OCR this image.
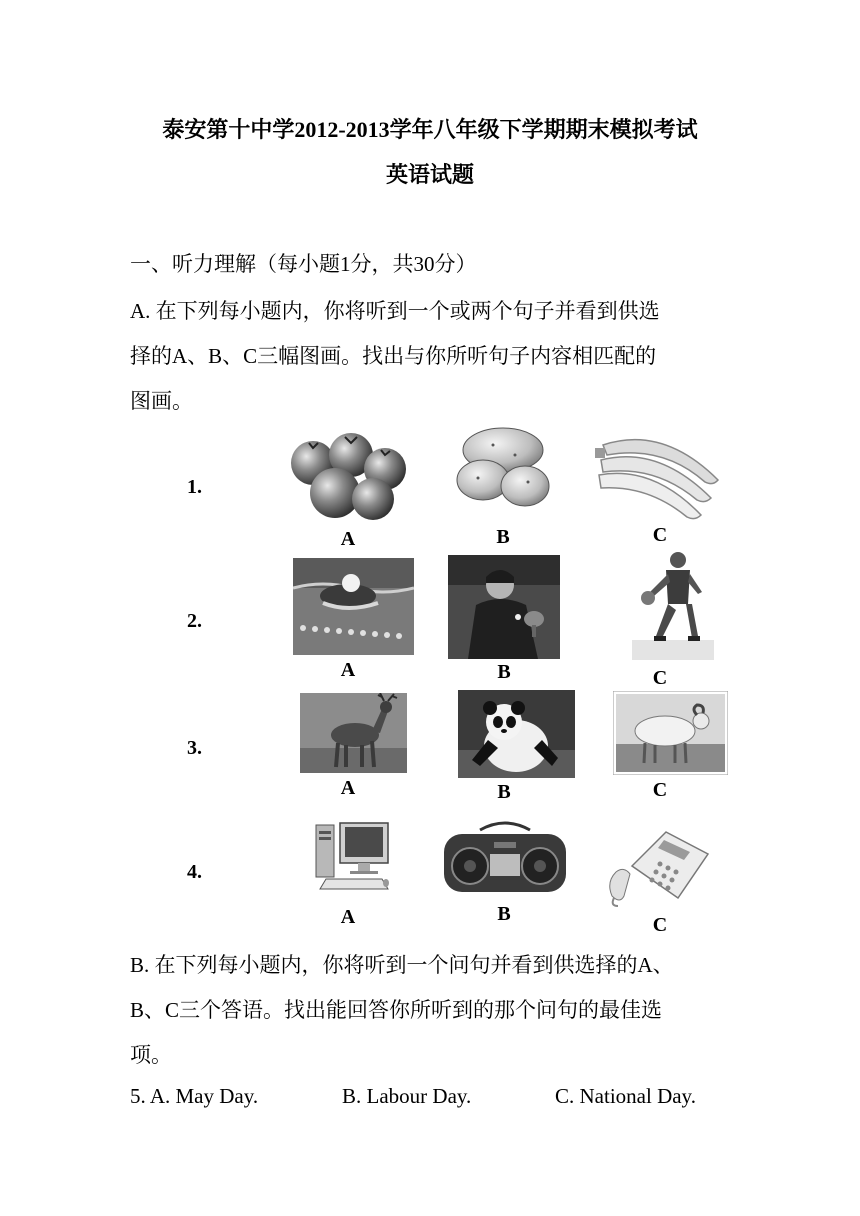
泰安第十中学2012-2013学年八年级下学期期末模拟考试
英语试题
一、听力理解（每小题1分，共30分）
A. 在下列每小题内，你将听到一个或两个句子并看到供选
择的A、B、C三幅图画。找出与你所听句子内容相匹配的
图画。
1.
A	B	C
2.
A	B	C
3.
A	B	C
4.
A	B	C
B. 在下列每小题内，你将听到一个问句并看到供选择的A、
B、C三个答语。找出能回答你所听到的那个问句的最佳选
项。
5. A. May Day.	B. Labour Day.	C. National Day.
